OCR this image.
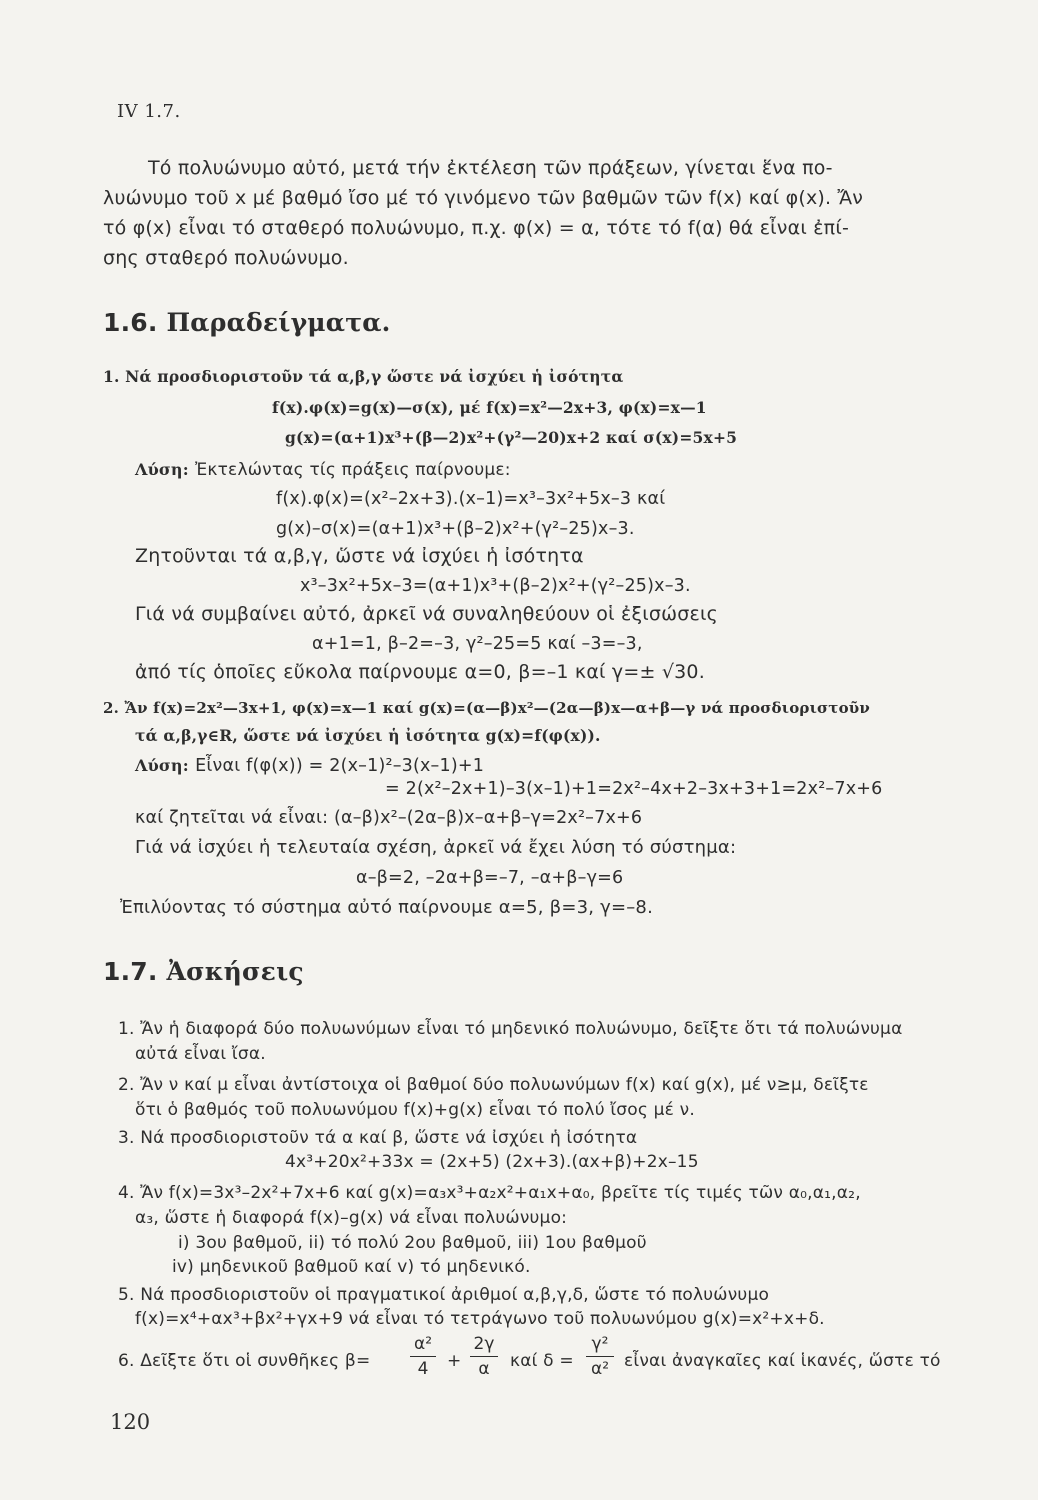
IV 1.7.
Τό πολυώνυμο αὐτό, μετά τήν ἐκτέλεση τῶν πράξεων, γίνεται ἕνα πο-
λυώνυμο τοῦ x μέ βαθμό ἴσο μέ τό γινόμενο τῶν βαθμῶν τῶν f(x) καί φ(x). Ἄν
τό φ(x) εἶναι τό σταθερό πολυώνυμο, π.χ. φ(x) = α, τότε τό f(α) θά εἶναι ἐπί-
σης σταθερό πολυώνυμο.
1.6. Παραδείγματα.
1. Νά προσδιοριστοῦν τά α,β,γ ὥστε νά ἰσχύει ἡ ἰσότητα
f(x).φ(x)=g(x)—σ(x), μέ f(x)=x²—2x+3, φ(x)=x—1
g(x)=(α+1)x³+(β—2)x²+(γ²—20)x+2 καί σ(x)=5x+5
Λύση: Ἐκτελώντας τίς πράξεις παίρνουμε:
f(x).φ(x)=(x²–2x+3).(x–1)=x³–3x²+5x–3 καί
g(x)–σ(x)=(α+1)x³+(β–2)x²+(γ²–25)x–3.
Ζητοῦνται τά α,β,γ, ὥστε νά ἰσχύει ἡ ἰσότητα
x³–3x²+5x–3=(α+1)x³+(β–2)x²+(γ²–25)x–3.
Γιά νά συμβαίνει αὐτό, ἀρκεῖ νά συναληθεύουν οἱ ἐξισώσεις
α+1=1, β–2=–3, γ²–25=5 καί –3=–3,
ἀπό τίς ὁποῖες εὔκολα παίρνουμε α=0, β=–1 καί γ=± √30.
2. Ἄν f(x)=2x²—3x+1, φ(x)=x—1 καί g(x)=(α—β)x²—(2α—β)x—α+β—γ νά προσδιοριστοῦν
τά α,β,γ∈R, ὥστε νά ἰσχύει ἡ ἰσότητα g(x)=f(φ(x)).
Λύση: Εἶναι f(φ(x)) = 2(x–1)²–3(x–1)+1
= 2(x²–2x+1)–3(x–1)+1=2x²–4x+2–3x+3+1=2x²–7x+6
καί ζητεῖται νά εἶναι: (α–β)x²–(2α–β)x–α+β–γ=2x²–7x+6
Γιά νά ἰσχύει ἡ τελευταία σχέση, ἀρκεῖ νά ἔχει λύση τό σύστημα:
α–β=2, –2α+β=–7, –α+β–γ=6
Ἐπιλύοντας τό σύστημα αὐτό παίρνουμε α=5, β=3, γ=–8.
1.7. Ἀσκήσεις
1. Ἄν ἡ διαφορά δύο πολυωνύμων εἶναι τό μηδενικό πολυώνυμο, δεῖξτε ὅτι τά πολυώνυμα
αὐτά εἶναι ἴσα.
2. Ἄν ν καί μ εἶναι ἀντίστοιχα οἱ βαθμοί δύο πολυωνύμων f(x) καί g(x), μέ ν≥μ, δεῖξτε
ὅτι ὁ βαθμός τοῦ πολυωνύμου f(x)+g(x) εἶναι τό πολύ ἴσος μέ ν.
3. Νά προσδιοριστοῦν τά α καί β, ὥστε νά ἰσχύει ἡ ἰσότητα
4x³+20x²+33x = (2x+5) (2x+3).(αx+β)+2x–15
4. Ἄν f(x)=3x³–2x²+7x+6 καί g(x)=α₃x³+α₂x²+α₁x+α₀, βρεῖτε τίς τιμές τῶν α₀,α₁,α₂,
α₃, ὥστε ἡ διαφορά f(x)–g(x) νά εἶναι πολυώνυμο:
i) 3ου βαθμοῦ, ii) τό πολύ 2ου βαθμοῦ, iii) 1ου βαθμοῦ
iv) μηδενικοῦ βαθμοῦ καί v) τό μηδενικό.
5. Νά προσδιοριστοῦν οἱ πραγματικοί ἀριθμοί α,β,γ,δ, ὥστε τό πολυώνυμο
f(x)=x⁴+αx³+βx²+γx+9 νά εἶναι τό τετράγωνο τοῦ πολυωνύμου g(x)=x²+x+δ.
6. Δεῖξτε ὅτι οἱ συνθῆκες β=
α²
4 +
2γ
α καί δ =
γ²
α² εἶναι ἀναγκαῖες καί ἱκανές, ὥστε τό
120
